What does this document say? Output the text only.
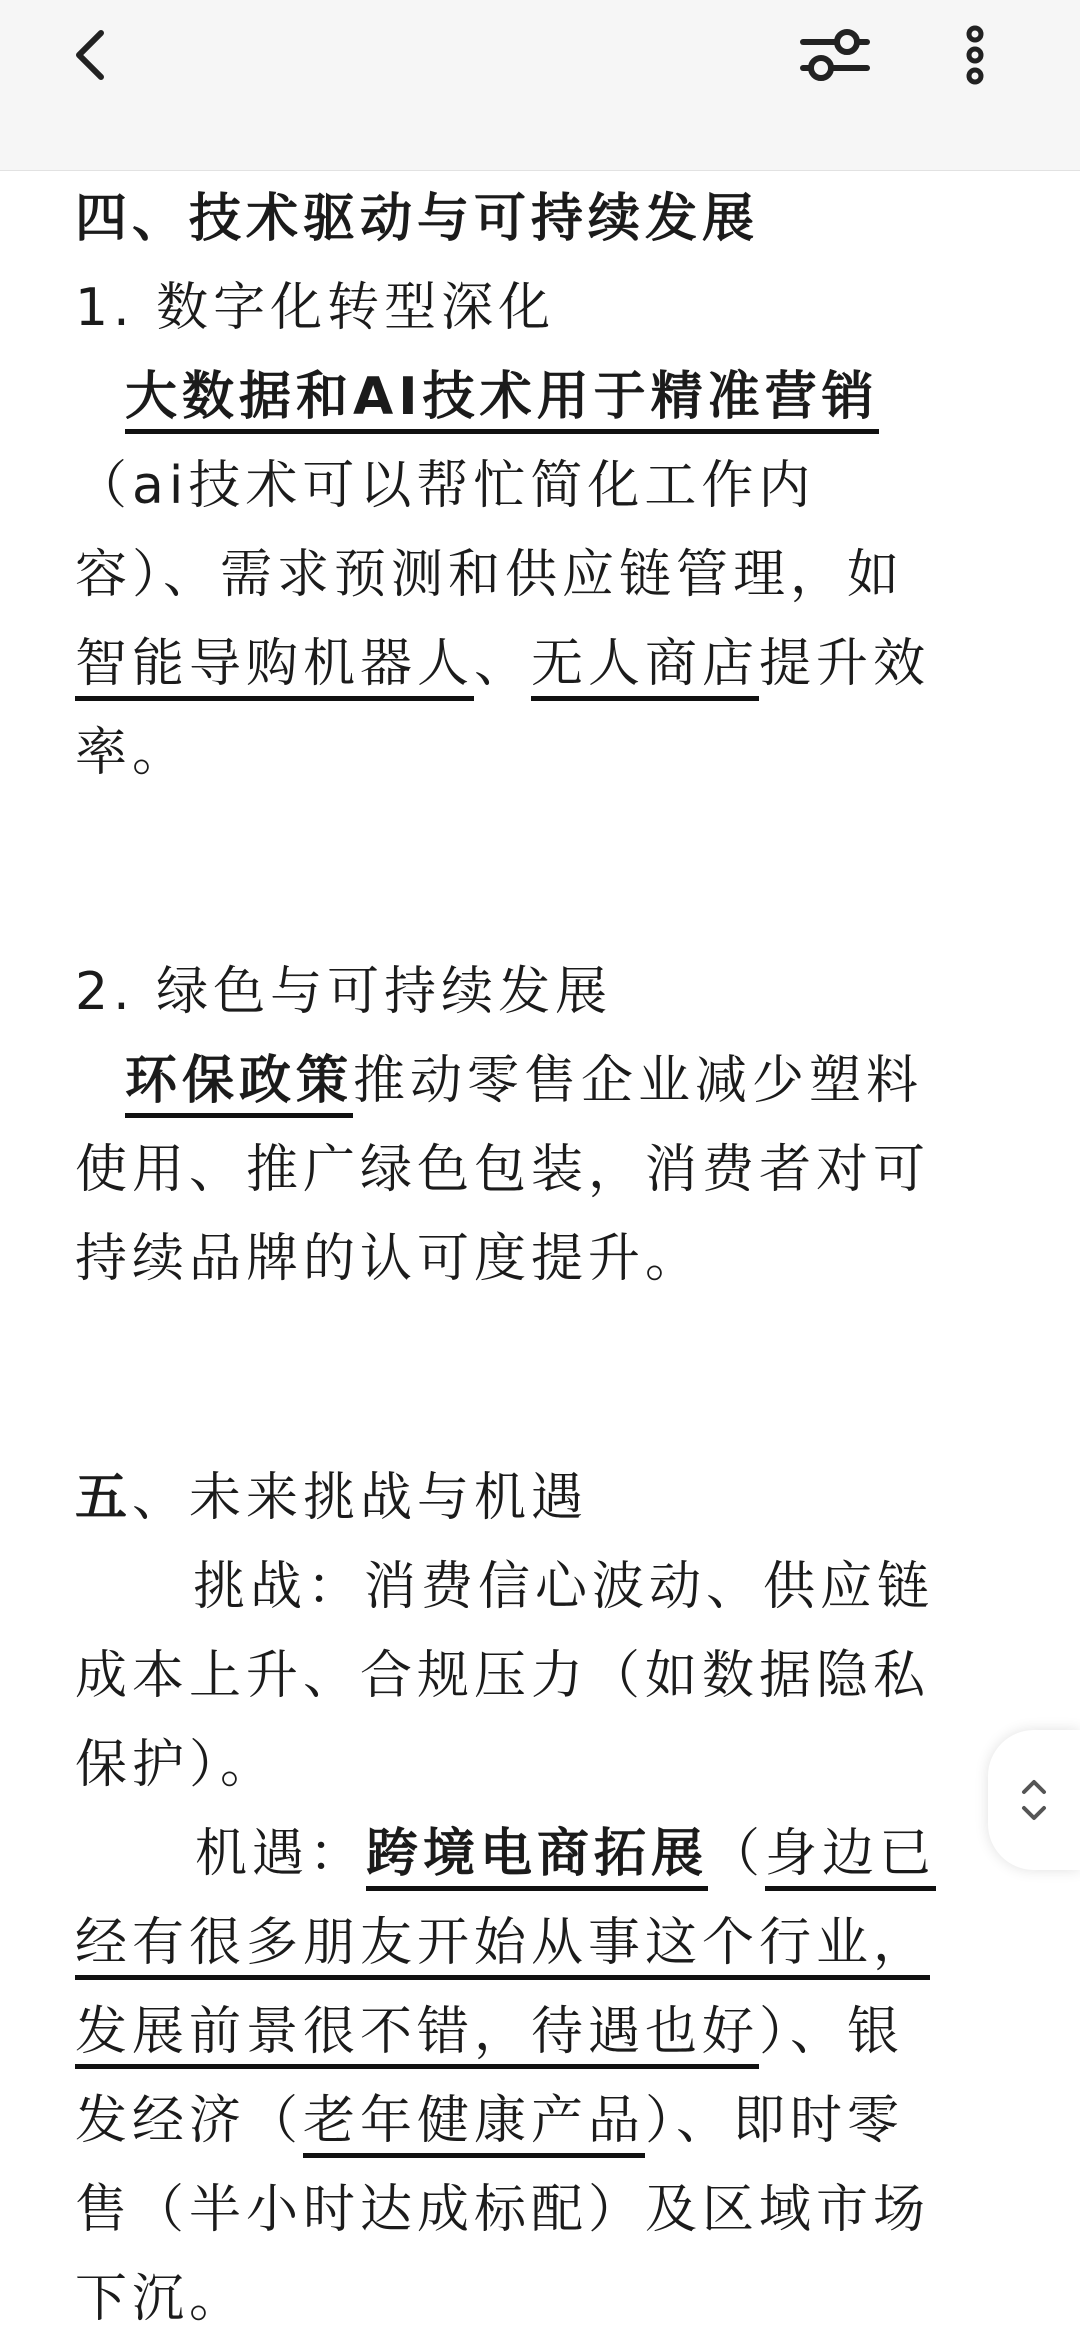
四、技术驱动与可持续发展
1. 数字化转型深化
大数据和AI技术用于精准营销
（ai技术可以帮忙简化工作内
容）、需求预测和供应链管理，如
智能导购机器人、无人商店提升效
率。
2. 绿色与可持续发展
环保政策推动零售企业减少塑料
使用、推广绿色包装，消费者对可
持续品牌的认可度提升。
五、未来挑战与机遇
挑战：消费信心波动、供应链
成本上升、合规压力（如数据隐私
保护）。
机遇：跨境电商拓展（身边已
经有很多朋友开始从事这个行业，
发展前景很不错，待遇也好）、银
发经济（老年健康产品）、即时零
售（半小时达成标配）及区域市场
下沉。
